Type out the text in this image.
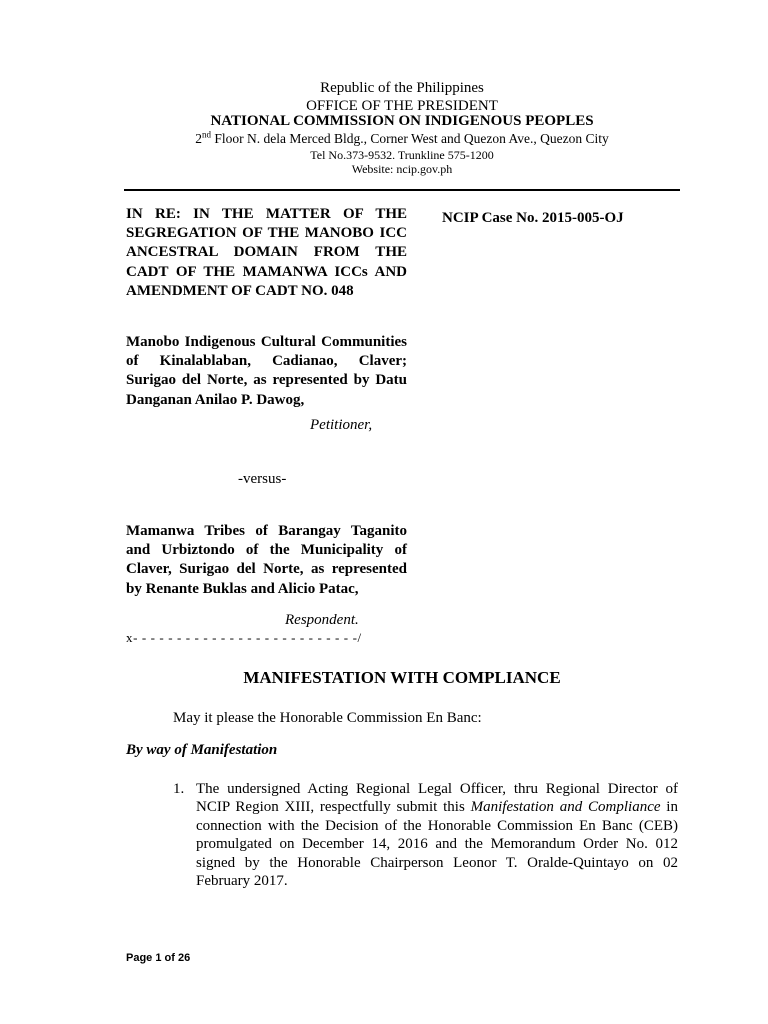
Republic of the Philippines
OFFICE OF THE PRESIDENT
NATIONAL COMMISSION ON INDIGENOUS PEOPLES
2nd Floor N. dela Merced Bldg., Corner West and Quezon Ave., Quezon City
Tel No.373-9532. Trunkline 575-1200
Website: ncip.gov.ph
IN RE: IN THE MATTER OF THE SEGREGATION OF THE MANOBO ICC ANCESTRAL DOMAIN FROM THE CADT OF THE MAMANWA ICCs AND AMENDMENT OF CADT NO. 048
NCIP Case No. 2015-005-OJ
Manobo Indigenous Cultural Communities of Kinalablaban, Cadianao, Claver; Surigao del Norte, as represented by Datu Danganan Anilao P. Dawog,
Petitioner,
-versus-
Mamanwa Tribes of Barangay Taganito and Urbiztondo of the Municipality of Claver, Surigao del Norte, as represented by Renante Buklas and Alicio Patac,
Respondent.
x- - - - - - - - - - - - - - - - - - - - - - - - - -/
MANIFESTATION WITH COMPLIANCE
May it please the Honorable Commission En Banc:
By way of Manifestation
1. The undersigned Acting Regional Legal Officer, thru Regional Director of NCIP Region XIII, respectfully submit this Manifestation and Compliance in connection with the Decision of the Honorable Commission En Banc (CEB) promulgated on December 14, 2016 and the Memorandum Order No. 012 signed by the Honorable Chairperson Leonor T. Oralde-Quintayo on 02 February 2017.
Page 1 of 26
